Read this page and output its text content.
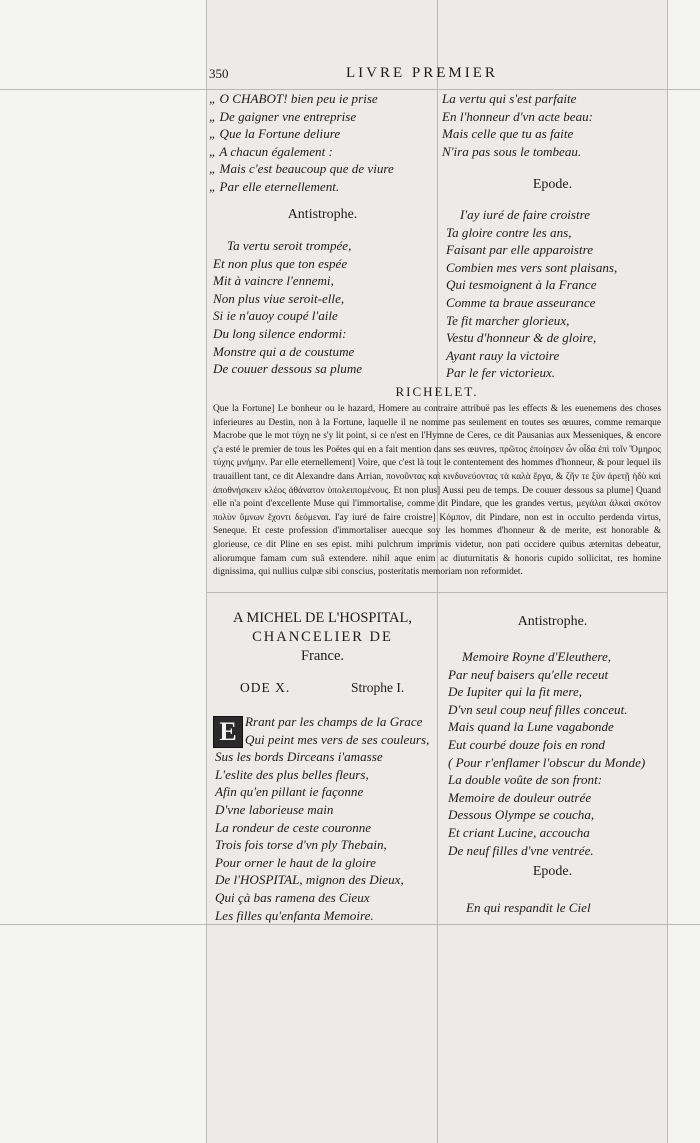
350	LIVRE PREMIER
„ O CHABOT! bien peu ie prise
„ De gaigner vne entreprise
„ Que la Fortune deliure
„ A chacun également :
„ Mais c'est beaucoup que de viure
„ Par elle eternellement.
Antistrophe.
Ta vertu seroit trompée,
Et non plus que ton espée
Mit à vaincre l'ennemi,
Non plus viue seroit-elle,
Si ie n'auoy coupé l'aile
Du long silence endormi:
Monstre qui a de coustume
De couuer dessous sa plume
La vertu qui s'est parfaite
En l'honneur d'vn acte beau:
Mais celle que tu as faite
N'ira pas sous le tombeau.
Epode.
I'ay iuré de faire croistre
Ta gloire contre les ans,
Faisant par elle apparoistre
Combien mes vers sont plaisans,
Qui tesmoignent à la France
Comme ta braue asseurance
Te fit marcher glorieux,
Vestu d'honneur & de gloire,
Ayant rauy la victoire
Par le fer victorieux.
RICHELET.

Que la Fortune] Le bonheur ou le hazard, Homere au contraire attribuë pas les effects & les euenemens des choses inferieures au Destin, non à la Fortune, laquelle il ne nomme pas seulement en toutes ses œuures, comme remarque Macrobe que le mot τύχη ne s'y lit point, si ce n'est en l'Hymne de Ceres, ce dit Pausanias aux Messeniques, & encore ç'a esté le premier de tous les Poëtes qui en a fait mention dans ses œuvres, πρῶτος ἐποίησεν ὧν οἶδα ἐπὶ τοῖν Ὅμηρος τύχης μνήμην. Par elle eternellement] Voire, que c'est là tout le contentement des hommes d'honneur, & pour lequel ils trauaillent tant, ce dit Alexandre dans Arrian, πονοῦντας καὶ κινδυνεύοντας τὰ καλὰ ἔργα, & ζῆν τε ξὺν ἀρετῇ ἡδὺ καὶ ἀποθνήσκειν κλέος ἀθάνατον ὑπολειπομένους. Et non plus] Aussi peu de temps. De couuer dessous sa plume] Quand elle n'a point d'excellente Muse qui l'immortalise, comme dit Pindare, que les grandes vertus, μεγάλαι ἀλκαὶ σκότον πολὺν ὕμνων ἔχοντι δεόμεναι. I'ay iuré de faire croistre] Κόμπον, dit Pindare, non est in occulto perdenda virtus, Seneque. Et ceste profession d'immortaliser auecque soy les hommes d'honneur & de merite, est honorable & glorieuse, ce dit Pline en ses epist. mihi pulchrum imprimis videtur, non pati occidere quibus æternitas debeatur, aliorumque famam cum suâ extendere. nihil aque enim ac diuturnitatis & honoris cupido sollicitat, res homine dignissima, qui nullius culpæ sibi conscius, posteritatis memoriam non reformidet.

A MICHEL DE L'HOSPITAL,
CHANCELIER DE
France.
ODE X.	Strophe I.
E Rrant par les champs de la Grace
Qui peint mes vers de ses couleurs,
Sus les bords Dirceans i'amasse
L'eslite des plus belles fleurs,
Afin qu'en pillant ie façonne
D'vne laborieuse main
La rondeur de ceste couronne
Trois fois torse d'vn ply Thebain,
Pour orner le haut de la gloire
De l'HOSPITAL, mignon des Dieux,
Qui çà bas ramena des Cieux
Les filles qu'enfanta Memoire.
Antistrophe.
Memoire Royne d'Eleuthere,
Par neuf baisers qu'elle receut
De Iupiter qui la fit mere,
D'vn seul coup neuf filles conceut.
Mais quand la Lune vagabonde
Eut courbé douze fois en rond
( Pour r'enflamer l'obscur du Monde)
La double voûte de son front:
Memoire de douleur outrée
Dessous Olympe se coucha,
Et criant Lucine, accoucha
De neuf filles d'vne ventrée.
Epode.
En qui respandit le Ciel
